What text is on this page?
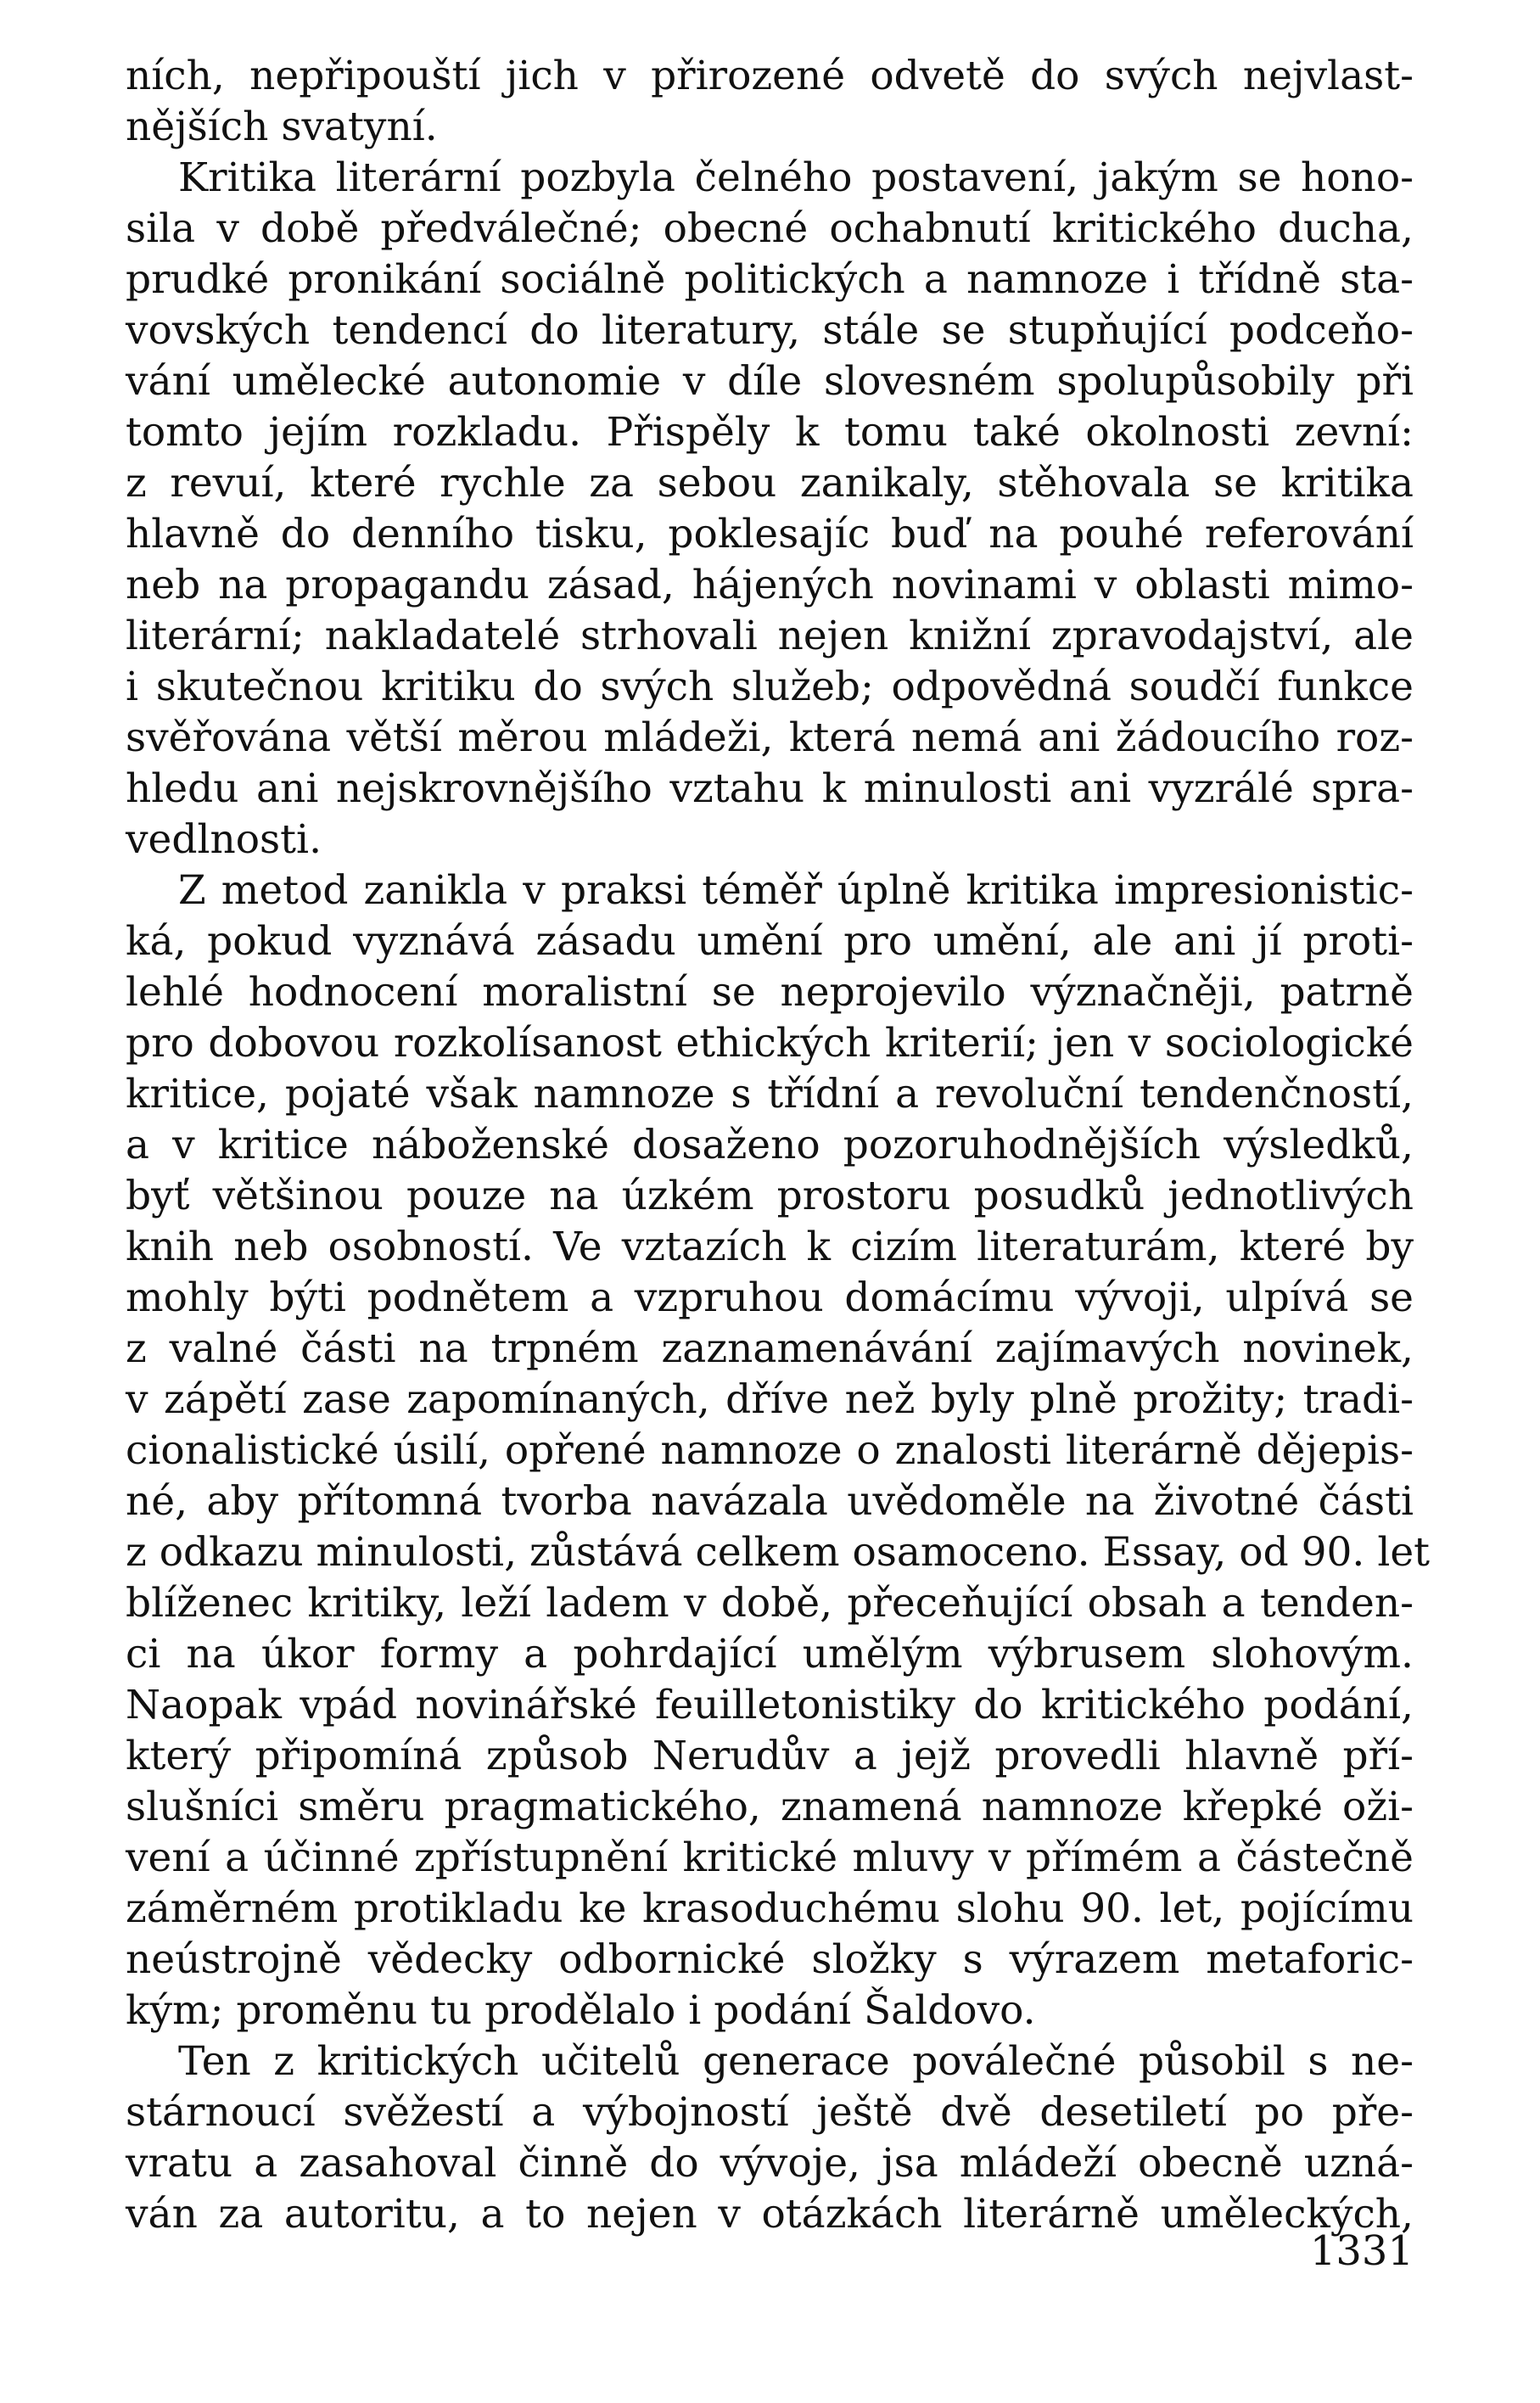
ních, nepřipouští jich v přirozené odvetě do svých nejvlast-
nějších svatyní.
Kritika literární pozbyla čelného postavení, jakým se hono-
sila v době předválečné; obecné ochabnutí kritického ducha,
prudké pronikání sociálně politických a namnoze i třídně sta-
vovských tendencí do literatury, stále se stupňující podceňo-
vání umělecké autonomie v díle slovesném spolupůsobily při
tomto jejím rozkladu. Přispěly k tomu také okolnosti zevní:
z revuí, které rychle za sebou zanikaly, stěhovala se kritika
hlavně do denního tisku, poklesajíc buď na pouhé referování
neb na propagandu zásad, hájených novinami v oblasti mimo-
literární; nakladatelé strhovali nejen knižní zpravodajství, ale
i skutečnou kritiku do svých služeb; odpovědná soudčí funkce
svěřována větší měrou mládeži, která nemá ani žádoucího roz-
hledu ani nejskrovnějšího vztahu k minulosti ani vyzrálé spra-
vedlnosti.
Z metod zanikla v praksi téměř úplně kritika impresionistic-
ká, pokud vyznává zásadu umění pro umění, ale ani jí proti-
lehlé hodnocení moralistní se neprojevilo význačněji, patrně
pro dobovou rozkolísanost ethických kriterií; jen v sociologické
kritice, pojaté však namnoze s třídní a revoluční tendenčností,
a v kritice náboženské dosaženo pozoruhodnějších výsledků,
byť většinou pouze na úzkém prostoru posudků jednotlivých
knih neb osobností. Ve vztazích k cizím literaturám, které by
mohly býti podnětem a vzpruhou domácímu vývoji, ulpívá se
z valné části na trpném zaznamenávání zajímavých novinek,
v zápětí zase zapomínaných, dříve než byly plně prožity; tradi-
cionalistické úsilí, opřené namnoze o znalosti literárně dějepis-
né, aby přítomná tvorba navázala uvědoměle na životné části
z odkazu minulosti, zůstává celkem osamoceno. Essay, od 90. let
blíženec kritiky, leží ladem v době, přeceňující obsah a tenden-
ci na úkor formy a pohrdající umělým výbrusem slohovým.
Naopak vpád novinářské feuilletonistiky do kritického podání,
který připomíná způsob Nerudův a jejž provedli hlavně pří-
slušníci směru pragmatického, znamená namnoze křepké oži-
vení a účinné zpřístupnění kritické mluvy v přímém a částečně
záměrném protikladu ke krasoduchému slohu 90. let, pojícímu
neústrojně vědecky odbornické složky s výrazem metaforic-
kým; proměnu tu prodělalo i podání Šaldovo.
Ten z kritických učitelů generace poválečné působil s ne-
stárnoucí svěžestí a výbojností ještě dvě desetiletí po pře-
vratu a zasahoval činně do vývoje, jsa mládeží obecně uzná-
ván za autoritu, a to nejen v otázkách literárně uměleckých,
1331
